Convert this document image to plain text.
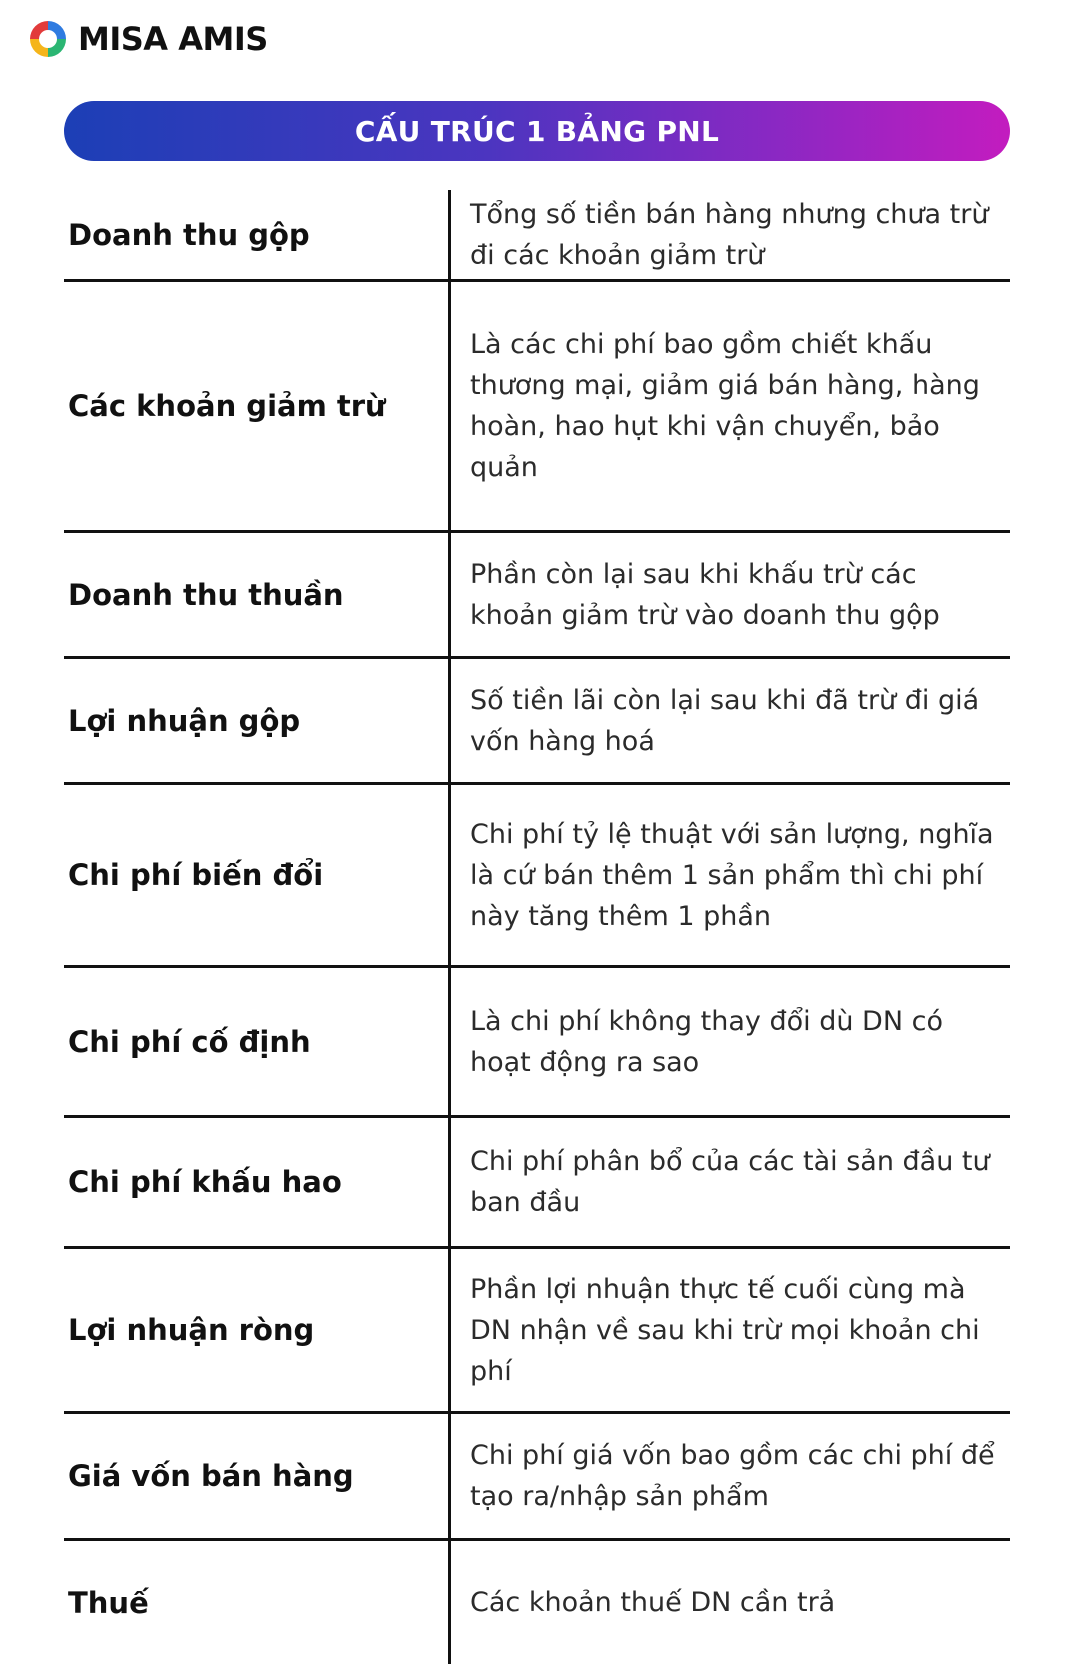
MISA AMIS
CẤU TRÚC 1 BẢNG PNL
Doanh thu gộp
Tổng số tiền bán hàng nhưng chưa trừ đi các khoản giảm trừ
Các khoản giảm trừ
Là các chi phí bao gồm chiết khấu thương mại, giảm giá bán hàng, hàng hoàn, hao hụt khi vận chuyển, bảo quản
Doanh thu thuần
Phần còn lại sau khi khấu trừ các khoản giảm trừ vào doanh thu gộp
Lợi nhuận gộp
Số tiền lãi còn lại sau khi đã trừ đi giá vốn hàng hoá
Chi phí biến đổi
Chi phí tỷ lệ thuật với sản lượng, nghĩa là cứ bán thêm 1 sản phẩm thì chi phí này tăng thêm 1 phần
Chi phí cố định
Là chi phí không thay đổi dù DN có hoạt động ra sao
Chi phí khấu hao
Chi phí phân bổ của các tài sản đầu tư ban đầu
Lợi nhuận ròng
Phần lợi nhuận thực tế cuối cùng mà DN nhận về sau khi trừ mọi khoản chi phí
Giá vốn bán hàng
Chi phí giá vốn bao gồm các chi phí để tạo ra/nhập sản phẩm
Thuế	Các khoản thuế DN cần trả
